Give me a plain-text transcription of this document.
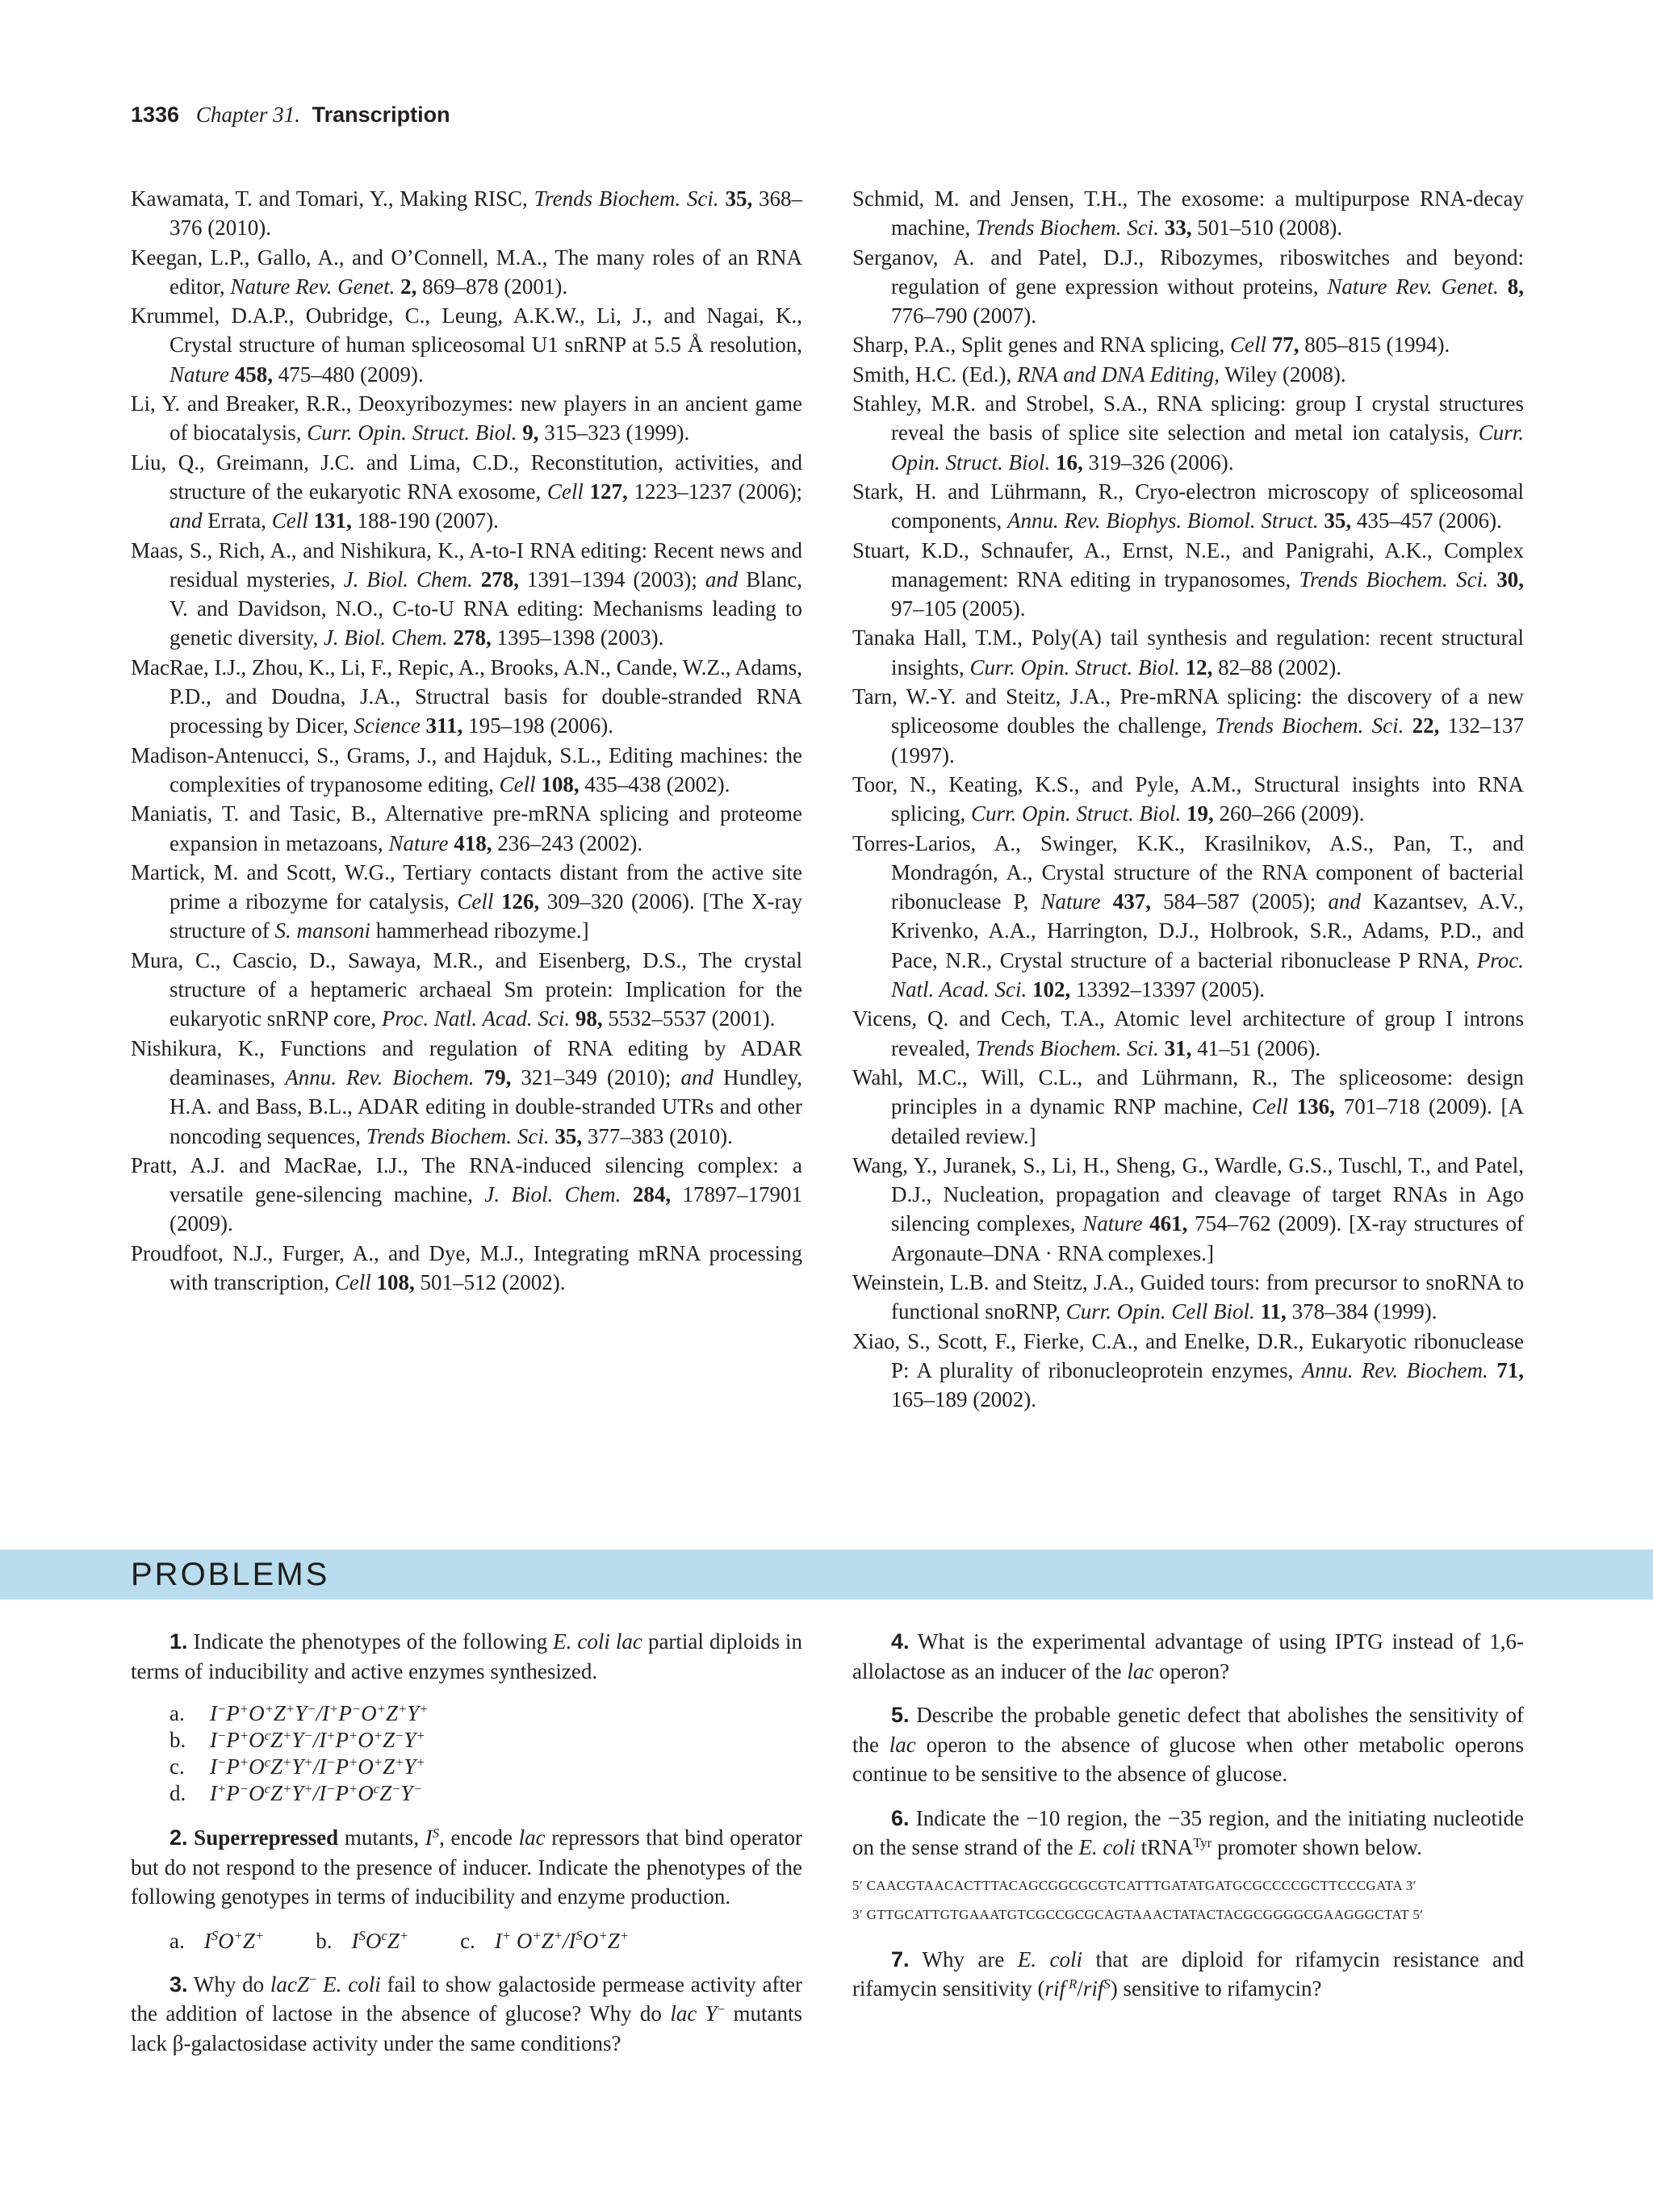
1336 Chapter 31. Transcription

Kawamata, T. and Tomari, Y., Making RISC, Trends Biochem. Sci. 35, 368–376 (2010).

Keegan, L.P., Gallo, A., and O’Connell, M.A., The many roles of an RNA editor, Nature Rev. Genet. 2, 869–878 (2001).

Krummel, D.A.P., Oubridge, C., Leung, A.K.W., Li, J., and Nagai, K., Crystal structure of human spliceosomal U1 snRNP at 5.5 Å resolution, Nature 458, 475–480 (2009).

Li, Y. and Breaker, R.R., Deoxyribozymes: new players in an ancient game of biocatalysis, Curr. Opin. Struct. Biol. 9, 315–323 (1999).

Liu, Q., Greimann, J.C. and Lima, C.D., Reconstitution, activities, and structure of the eukaryotic RNA exosome, Cell 127, 1223–1237 (2006); and Errata, Cell 131, 188-190 (2007).

Maas, S., Rich, A., and Nishikura, K., A-to-I RNA editing: Recent news and residual mysteries, J. Biol. Chem. 278, 1391–1394 (2003); and Blanc, V. and Davidson, N.O., C-to-U RNA editing: Mechanisms leading to genetic diversity, J. Biol. Chem. 278, 1395–1398 (2003).

MacRae, I.J., Zhou, K., Li, F., Repic, A., Brooks, A.N., Cande, W.Z., Adams, P.D., and Doudna, J.A., Structral basis for double-stranded RNA processing by Dicer, Science 311, 195–198 (2006).

Madison-Antenucci, S., Grams, J., and Hajduk, S.L., Editing machines: the complexities of trypanosome editing, Cell 108, 435–438 (2002).

Maniatis, T. and Tasic, B., Alternative pre-mRNA splicing and proteome expansion in metazoans, Nature 418, 236–243 (2002).

Martick, M. and Scott, W.G., Tertiary contacts distant from the active site prime a ribozyme for catalysis, Cell 126, 309–320 (2006). [The X-ray structure of S. mansoni hammerhead ribozyme.]

Mura, C., Cascio, D., Sawaya, M.R., and Eisenberg, D.S., The crystal structure of a heptameric archaeal Sm protein: Implication for the eukaryotic snRNP core, Proc. Natl. Acad. Sci. 98, 5532–5537 (2001).

Nishikura, K., Functions and regulation of RNA editing by ADAR deaminases, Annu. Rev. Biochem. 79, 321–349 (2010); and Hundley, H.A. and Bass, B.L., ADAR editing in double-stranded UTRs and other noncoding sequences, Trends Biochem. Sci. 35, 377–383 (2010).

Pratt, A.J. and MacRae, I.J., The RNA-induced silencing complex: a versatile gene-silencing machine, J. Biol. Chem. 284, 17897–17901 (2009).

Proudfoot, N.J., Furger, A., and Dye, M.J., Integrating mRNA processing with transcription, Cell 108, 501–512 (2002).

Schmid, M. and Jensen, T.H., The exosome: a multipurpose RNA-decay machine, Trends Biochem. Sci. 33, 501–510 (2008).

Serganov, A. and Patel, D.J., Ribozymes, riboswitches and beyond: regulation of gene expression without proteins, Nature Rev. Genet. 8, 776–790 (2007).

Sharp, P.A., Split genes and RNA splicing, Cell 77, 805–815 (1994).

Smith, H.C. (Ed.), RNA and DNA Editing, Wiley (2008).

Stahley, M.R. and Strobel, S.A., RNA splicing: group I crystal structures reveal the basis of splice site selection and metal ion catalysis, Curr. Opin. Struct. Biol. 16, 319–326 (2006).

Stark, H. and Lührmann, R., Cryo-electron microscopy of spliceosomal components, Annu. Rev. Biophys. Biomol. Struct. 35, 435–457 (2006).

Stuart, K.D., Schnaufer, A., Ernst, N.E., and Panigrahi, A.K., Complex management: RNA editing in trypanosomes, Trends Biochem. Sci. 30, 97–105 (2005).

Tanaka Hall, T.M., Poly(A) tail synthesis and regulation: recent structural insights, Curr. Opin. Struct. Biol. 12, 82–88 (2002).

Tarn, W.-Y. and Steitz, J.A., Pre-mRNA splicing: the discovery of a new spliceosome doubles the challenge, Trends Biochem. Sci. 22, 132–137 (1997).

Toor, N., Keating, K.S., and Pyle, A.M., Structural insights into RNA splicing, Curr. Opin. Struct. Biol. 19, 260–266 (2009).

Torres-Larios, A., Swinger, K.K., Krasilnikov, A.S., Pan, T., and Mondragón, A., Crystal structure of the RNA component of bacterial ribonuclease P, Nature 437, 584–587 (2005); and Kazantsev, A.V., Krivenko, A.A., Harrington, D.J., Holbrook, S.R., Adams, P.D., and Pace, N.R., Crystal structure of a bacterial ribonuclease P RNA, Proc. Natl. Acad. Sci. 102, 13392–13397 (2005).

Vicens, Q. and Cech, T.A., Atomic level architecture of group I introns revealed, Trends Biochem. Sci. 31, 41–51 (2006).

Wahl, M.C., Will, C.L., and Lührmann, R., The spliceosome: design principles in a dynamic RNP machine, Cell 136, 701–718 (2009). [A detailed review.]

Wang, Y., Juranek, S., Li, H., Sheng, G., Wardle, G.S., Tuschl, T., and Patel, D.J., Nucleation, propagation and cleavage of target RNAs in Ago silencing complexes, Nature 461, 754–762 (2009). [X-ray structures of Argonaute–DNA · RNA complexes.]

Weinstein, L.B. and Steitz, J.A., Guided tours: from precursor to snoRNA to functional snoRNP, Curr. Opin. Cell Biol. 11, 378–384 (1999).

Xiao, S., Scott, F., Fierke, C.A., and Enelke, D.R., Eukaryotic ribonuclease P: A plurality of ribonucleoprotein enzymes, Annu. Rev. Biochem. 71, 165–189 (2002).

PROBLEMS

1. Indicate the phenotypes of the following E. coli lac partial diploids in terms of inducibility and active enzymes synthesized.

a.	I−P+O+Z+Y−/I+P−O+Z+Y+
b.	$I^-P^+O^cZ^+Y^-/I^+P^+O^+Z^-Y^+$
c.	$I^-P^+O^cZ^+Y^+/I^-P^+O^+Z^+Y^+$
d.	$I^+P^-O^cZ^+Y^+/I^-P^+O^cZ^-Y^-$

2. Superrepressed mutants, $I^S$, encode lac repressors that bind operator but do not respond to the presence of inducer. Indicate the phenotypes of the following genotypes in terms of inducibility and enzyme production.

a. $I^SO^+Z^+$ b. $I^SO^cZ^+$ c. I+ $O^+Z^+/I^SO^+Z^+$

3. Why do lacZ− E. coli fail to show galactoside permease activity after the addition of lactose in the absence of glucose? Why do lac Y− mutants lack β-galactosidase activity under the same conditions?

4. What is the experimental advantage of using IPTG instead of 1,6-allolactose as an inducer of the lac operon?

5. Describe the probable genetic defect that abolishes the sensitivity of the lac operon to the absence of glucose when other metabolic operons continue to be sensitive to the absence of glucose.

6. Indicate the −10 region, the −35 region, and the initiating nucleotide on the sense strand of the E. coli tRNA$^{Tyr}$ promoter shown below.

5′ CAACGTAACACTTTACAGCGGCGCGTCATTTGATATGATGCGCCCCGCTTCCCGATA 3′
3′ GTTGCATTGTGAAATGTCGCCGCGCAGTAAACTATACTACGCGGGGCGAAGGGCTAT 5′

7. Why are E. coli that are diploid for rifamycin resistance and rifamycin sensitivity (rif $^R$/rif$^S$) sensitive to rifamycin?
